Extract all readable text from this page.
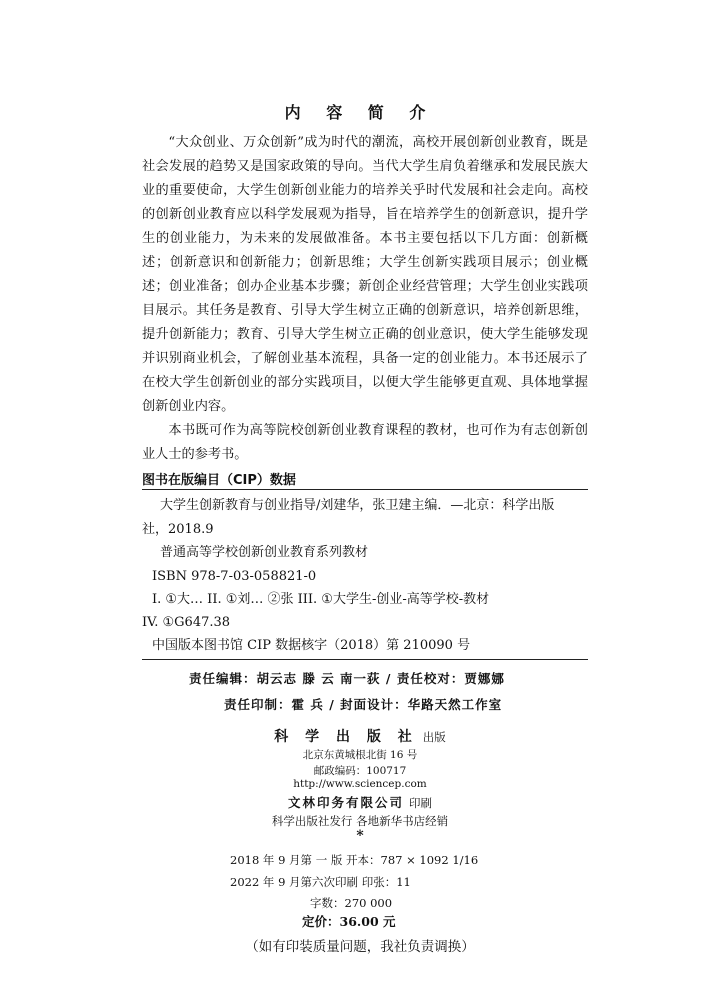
内 容 简 介

“大众创业、万众创新”成为时代的潮流，高校开展创新创业教育，既是社会发展的趋势又是国家政策的导向。当代大学生肩负着继承和发展民族大业的重要使命，大学生创新创业能力的培养关乎时代发展和社会走向。高校的创新创业教育应以科学发展观为指导，旨在培养学生的创新意识，提升学生的创业能力，为未来的发展做准备。本书主要包括以下几方面：创新概述；创新意识和创新能力；创新思维；大学生创新实践项目展示；创业概述；创业准备；创办企业基本步骤；新创企业经营管理；大学生创业实践项目展示。其任务是教育、引导大学生树立正确的创新意识，培养创新思维，提升创新能力；教育、引导大学生树立正确的创业意识，使大学生能够发现并识别商业机会，了解创业基本流程，具备一定的创业能力。本书还展示了在校大学生创新创业的部分实践项目，以便大学生能够更直观、具体地掌握创新创业内容。

本书既可作为高等院校创新创业教育课程的教材，也可作为有志创新创业人士的参考书。

图书在版编目（CIP）数据
大学生创新教育与创业指导/刘建华，张卫建主编．—北京：科学出版
社，2018.9
普通高等学校创新创业教育系列教材
ISBN 978-7-03-058821-0
I. ①大… II. ①刘… ②张 III. ①大学生-创业-高等学校-教材
IV. ①G647.38
中国版本图书馆 CIP 数据核字（2018）第 210090 号
责任编辑：胡云志 滕 云 南一荻 / 责任校对：贾娜娜
责任印制：霍 兵 / 封面设计：华路天然工作室
科 学 出 版 社 出版
北京东黄城根北街 16 号
邮政编码：100717
http://www.sciencep.com
文林印务有限公司 印刷
科学出版社发行 各地新华书店经销
*
2018 年 9 月第 一 版 开本：787 × 1092 1/16
2022 年 9 月第六次印刷 印张：11
字数：270 000
定价：36.00 元
（如有印装质量问题，我社负责调换）
